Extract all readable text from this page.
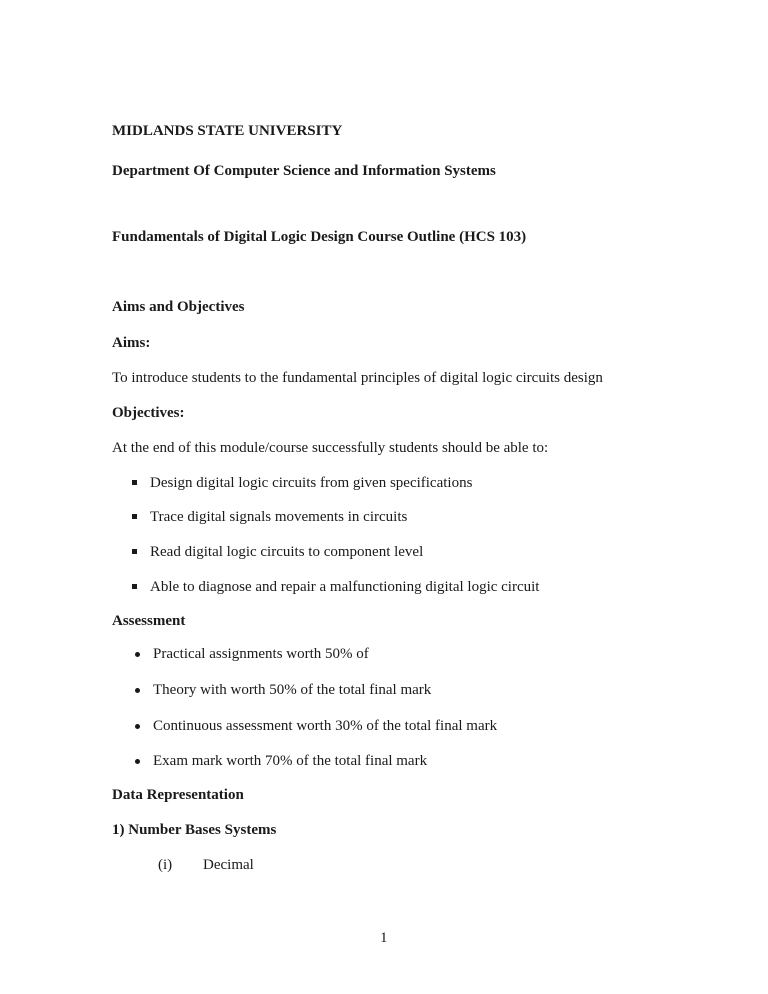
MIDLANDS STATE UNIVERSITY
Department Of Computer Science and Information Systems
Fundamentals of Digital Logic Design Course Outline (HCS 103)
Aims and Objectives
Aims:
To introduce students to the fundamental principles of digital logic circuits design
Objectives:
At the end of this module/course successfully students should be able to:
Design digital logic circuits from given specifications
Trace digital signals movements in circuits
Read digital logic circuits to component level
Able to diagnose and repair a malfunctioning digital logic circuit
Assessment
Practical assignments worth 50% of
Theory with worth 50% of the total final mark
Continuous assessment worth 30% of the total final mark
Exam mark worth 70% of the total final mark
Data Representation
1) Number Bases Systems
(i) Decimal
1
